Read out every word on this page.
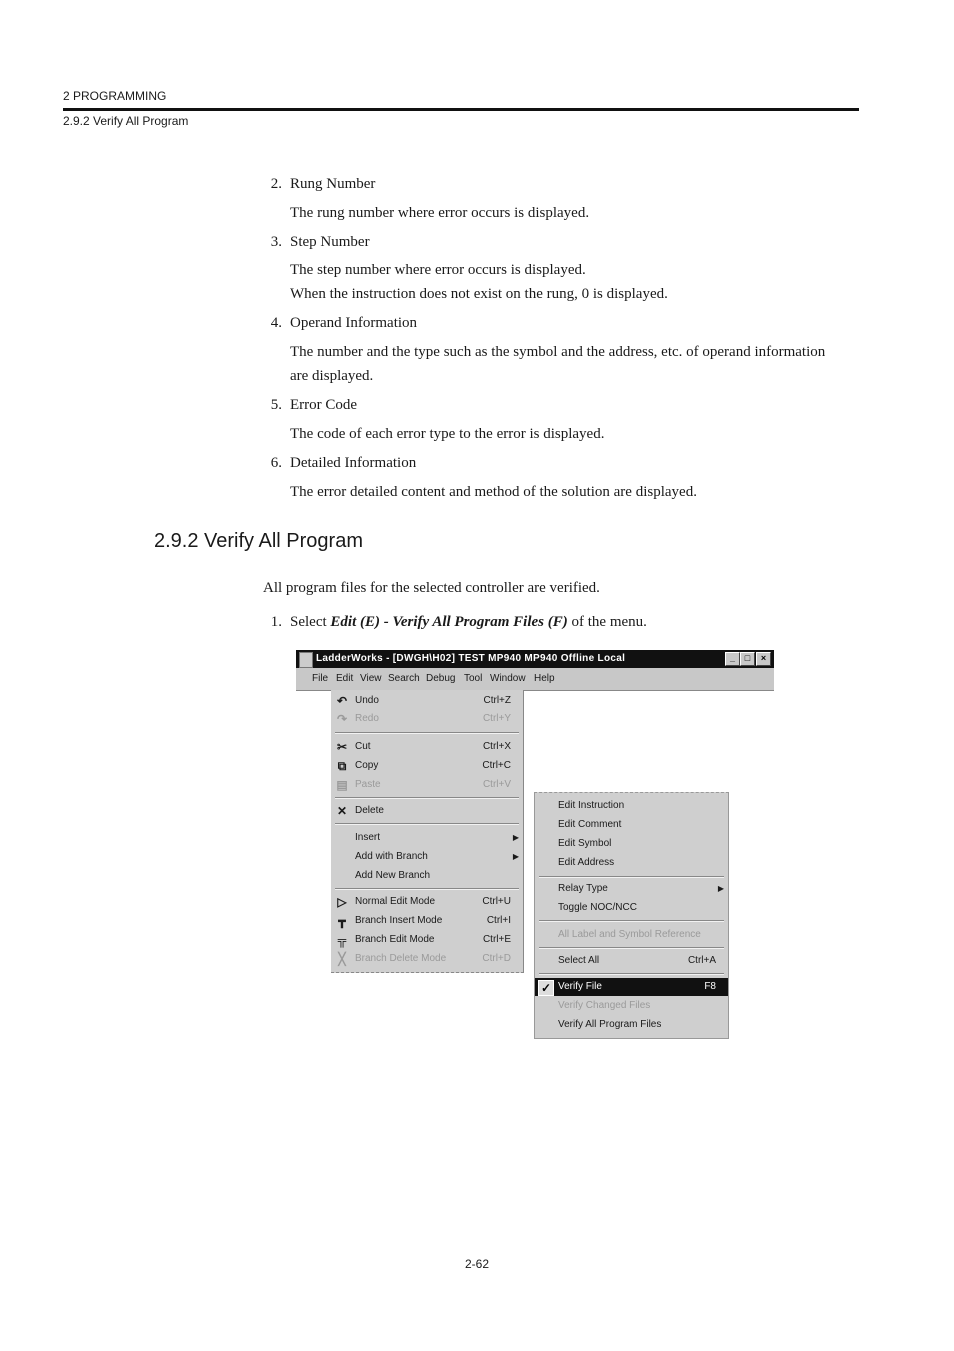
2 PROGRAMMING
2.9.2 Verify All Program
2. Rung Number
The rung number where error occurs is displayed.
3. Step Number
The step number where error occurs is displayed.
When the instruction does not exist on the rung, 0 is displayed.
4. Operand Information
The number and the type such as the symbol and the address, etc. of operand information
are displayed.
5. Error Code
The code of each error type to the error is displayed.
6. Detailed Information
The error detailed content and method of the solution are displayed.
2.9.2 Verify All Program
All program files for the selected controller are verified.
1. Select Edit (E) - Verify All Program Files (F) of the menu.
LadderWorks - [DWGH\H02] TEST MP940 MP940 Offline Local	_	□	×
File Edit View Search Debug Tool Window Help
↶ Undo	Ctrl+Z
↷ Redo	Ctrl+Y
✂ Cut	Ctrl+X
⧉ Copy	Ctrl+C
▤ Paste	Ctrl+V
✕ Delete
Insert	▶
Add with Branch	▶
Add New Branch
▷ Normal Edit Mode	Ctrl+U
┳ Branch Insert Mode	Ctrl+I
╦ Branch Edit Mode	Ctrl+E
╳ Branch Delete Mode	Ctrl+D
Edit Instruction
Edit Comment
Edit Symbol
Edit Address
Relay Type	▶
Toggle NOC/NCC
All Label and Symbol Reference
Select All	Ctrl+A
✓ Verify File	F8
Verify Changed Files
Verify All Program Files
2-62
